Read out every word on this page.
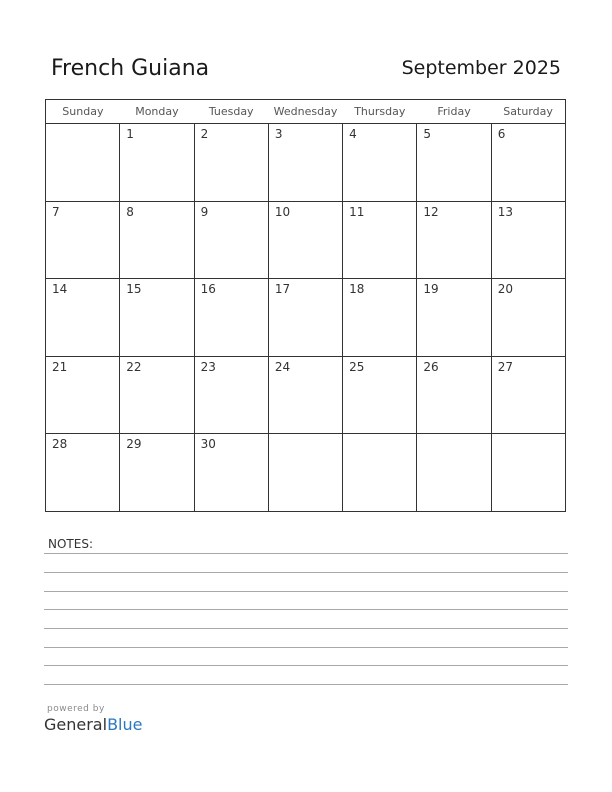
French Guiana	September 2025
Sunday	Monday	Tuesday	Wednesday	Thursday	Friday	Saturday

	1	2	3	4	5	6

7	8	9	10	11	12	13

14	15	16	17	18	19	20

21	22	23	24	25	26	27

28	29	30				

NOTES:
powered by
GeneralBlue
